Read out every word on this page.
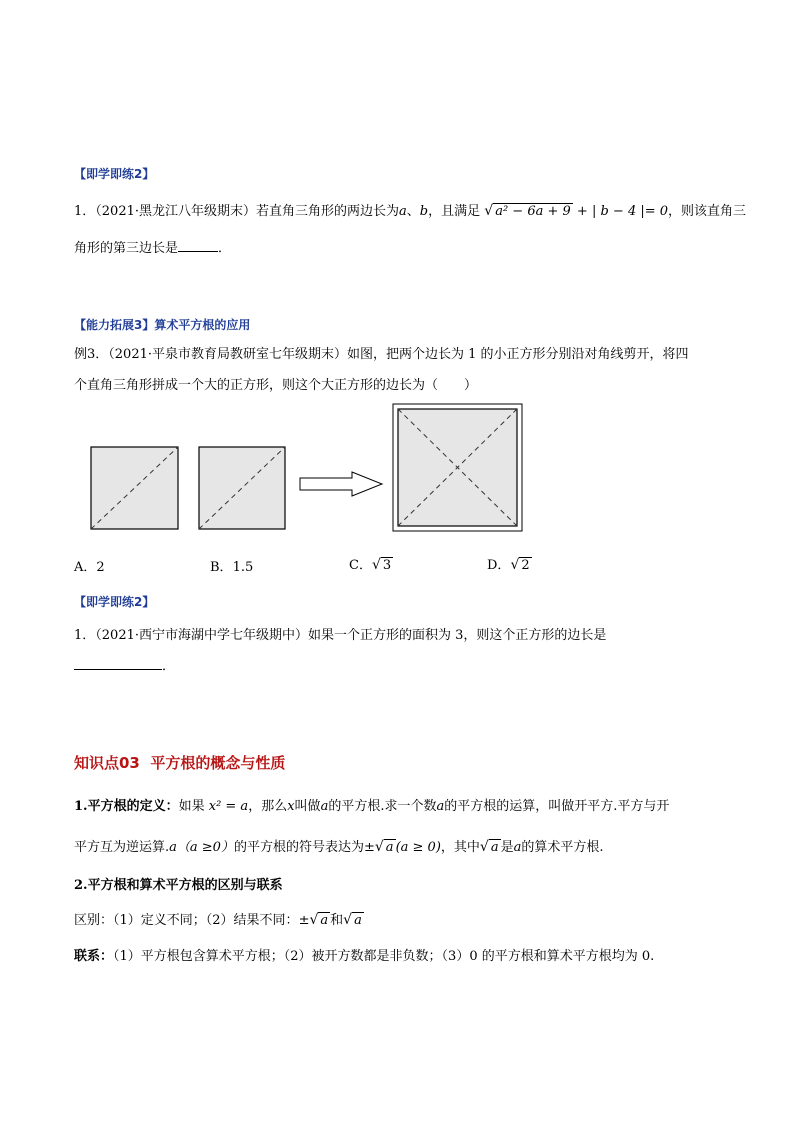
【即学即练2】
1．（2021·黑龙江八年级期末）若直角三角形的两边长为a、b，且满足 √ a² − 6a + 9 + | b − 4 |= 0，则该直角三
角形的第三边长是	．
【能力拓展3】算术平方根的应用
例3．（2021·平泉市教育局教研室七年级期末）如图，把两个边长为 1 的小正方形分别沿对角线剪开，将四
个直角三角形拼成一个大的正方形，则这个大正方形的边长为（　　）
A．2	B．1.5	C．√ 3	D．√ 2
【即学即练2】
1．（2021·西宁市海湖中学七年级期中）如果一个正方形的面积为 3，则这个正方形的边长是
．
知识点03 平方根的概念与性质
1.平方根的定义：如果 x² = a，那么x叫做a的平方根.求一个数a的平方根的运算，叫做开平方.平方与开
平方互为逆运算.a（a ≥0）的平方根的符号表达为±√ a (a ≥ 0)，其中√ a 是a的算术平方根.
2.平方根和算术平方根的区别与联系
区别：（1）定义不同；（2）结果不同：±√ a 和√ a
联系：（1）平方根包含算术平方根；（2）被开方数都是非负数；（3）0 的平方根和算术平方根均为 0.
